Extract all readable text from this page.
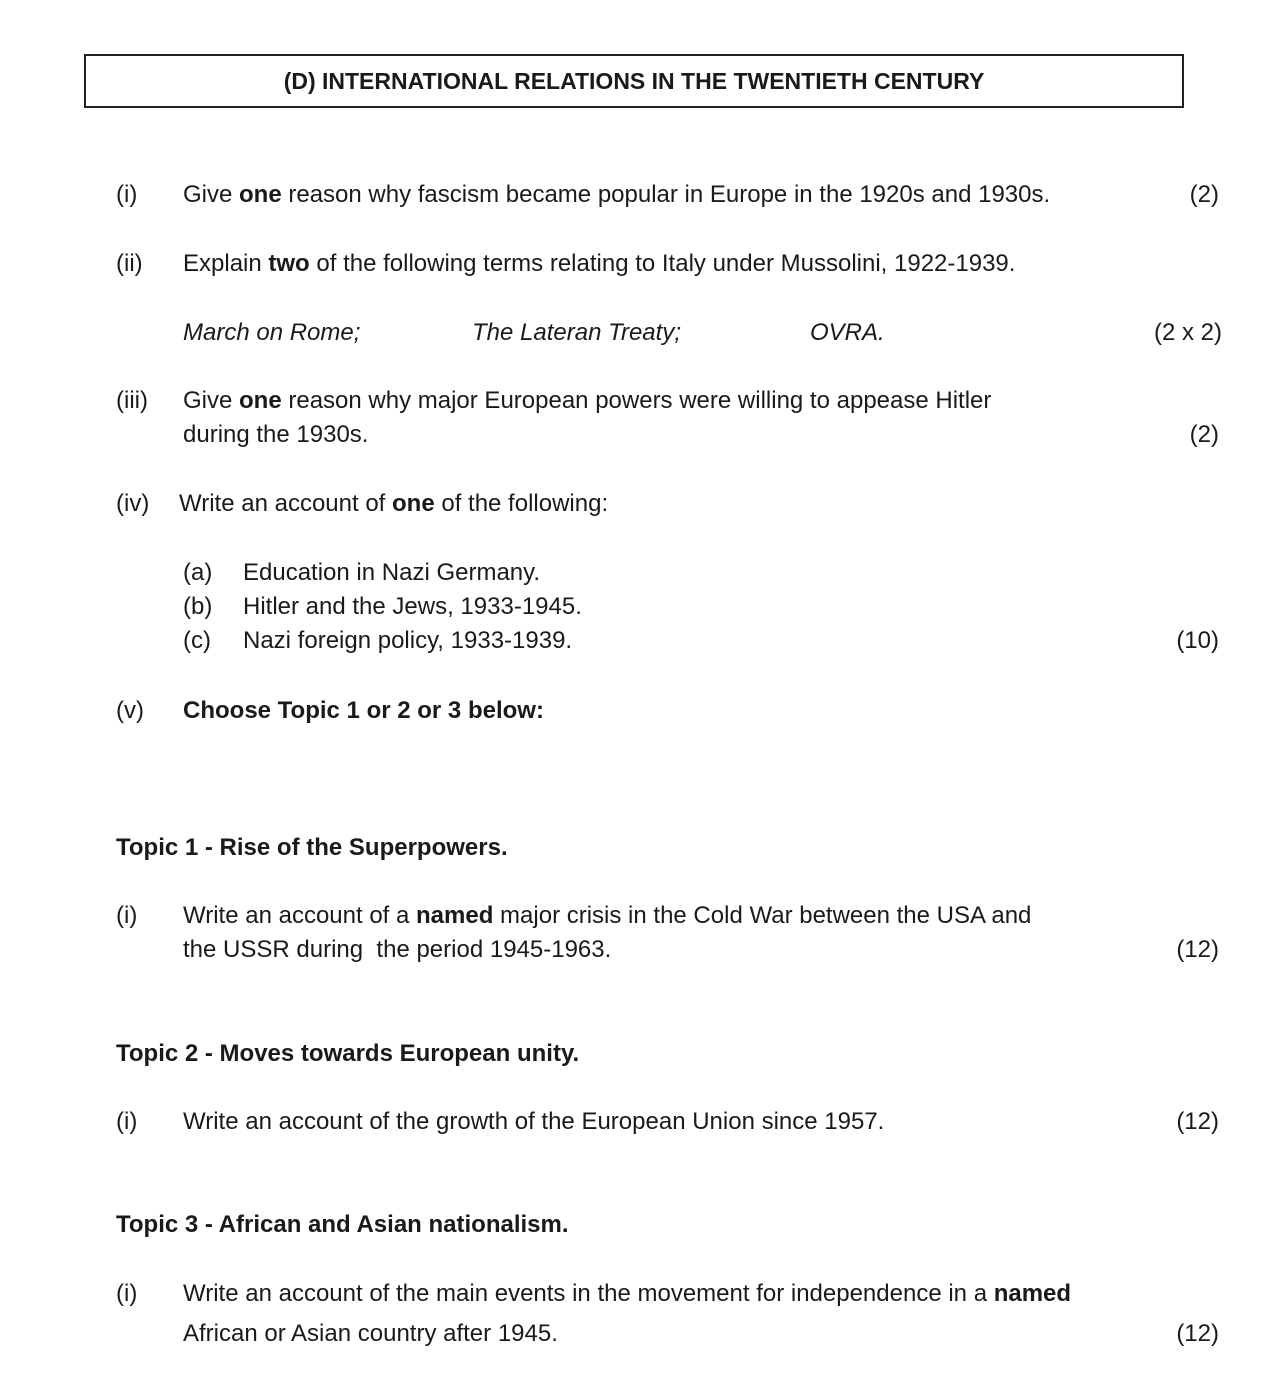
(D) INTERNATIONAL RELATIONS IN THE TWENTIETH CENTURY
(i) Give one reason why fascism became popular in Europe in the 1920s and 1930s.	(2)
(ii) Explain two of the following terms relating to Italy under Mussolini, 1922-1939.
March on Rome;	The Lateran Treaty;	OVRA.	(2 x 2)
(iii) Give one reason why major European powers were willing to appease Hitler
during the 1930s.	(2)
(iv) Write an account of one of the following:
(a) Education in Nazi Germany.
(b) Hitler and the Jews, 1933-1945.
(c) Nazi foreign policy, 1933-1939.	(10)
(v) Choose Topic 1 or 2 or 3 below:
Topic 1 - Rise of the Superpowers.
(i) Write an account of a named major crisis in the Cold War between the USA and
the USSR during  the period 1945-1963.	(12)
Topic 2 - Moves towards European unity.
(i) Write an account of the growth of the European Union since 1957.	(12)
Topic 3 - African and Asian nationalism.
(i) Write an account of the main events in the movement for independence in a named
African or Asian country after 1945.	(12)
